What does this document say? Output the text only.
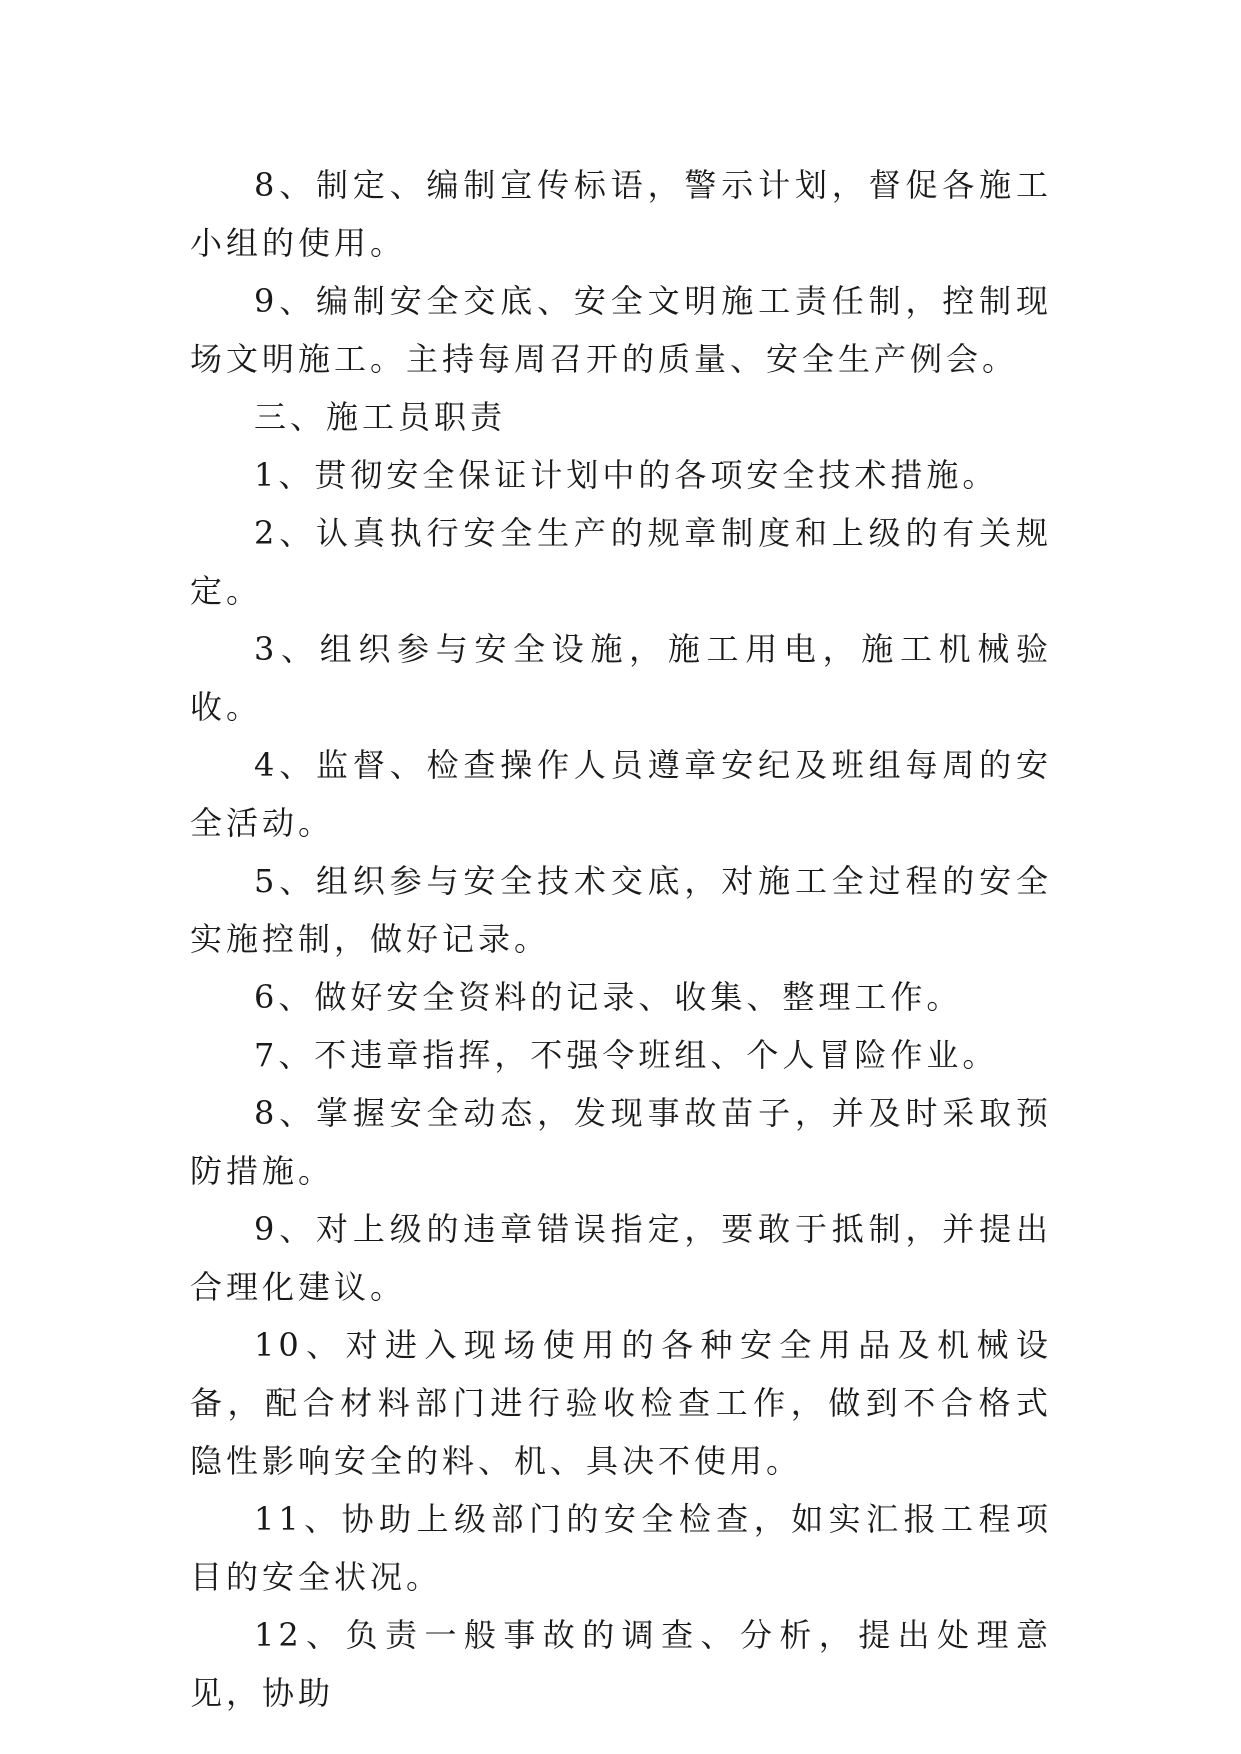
8、制定、编制宣传标语，警示计划，督促各施工小组的使用。

9、编制安全交底、安全文明施工责任制，控制现场文明施工。主持每周召开的质量、安全生产例会。

三、施工员职责

1、贯彻安全保证计划中的各项安全技术措施。

2、认真执行安全生产的规章制度和上级的有关规定。

3、组织参与安全设施，施工用电，施工机械验收。

4、监督、检查操作人员遵章安纪及班组每周的安全活动。

5、组织参与安全技术交底，对施工全过程的安全实施控制，做好记录。

6、做好安全资料的记录、收集、整理工作。

7、不违章指挥，不强令班组、个人冒险作业。

8、掌握安全动态，发现事故苗子，并及时采取预防措施。

9、对上级的违章错误指定，要敢于抵制，并提出合理化建议。

10、对进入现场使用的各种安全用品及机械设备，配合材料部门进行验收检查工作，做到不合格式隐性影响安全的料、机、具决不使用。

11、协助上级部门的安全检查，如实汇报工程项目的安全状况。

12、负责一般事故的调查、分析，提出处理意见，协助
